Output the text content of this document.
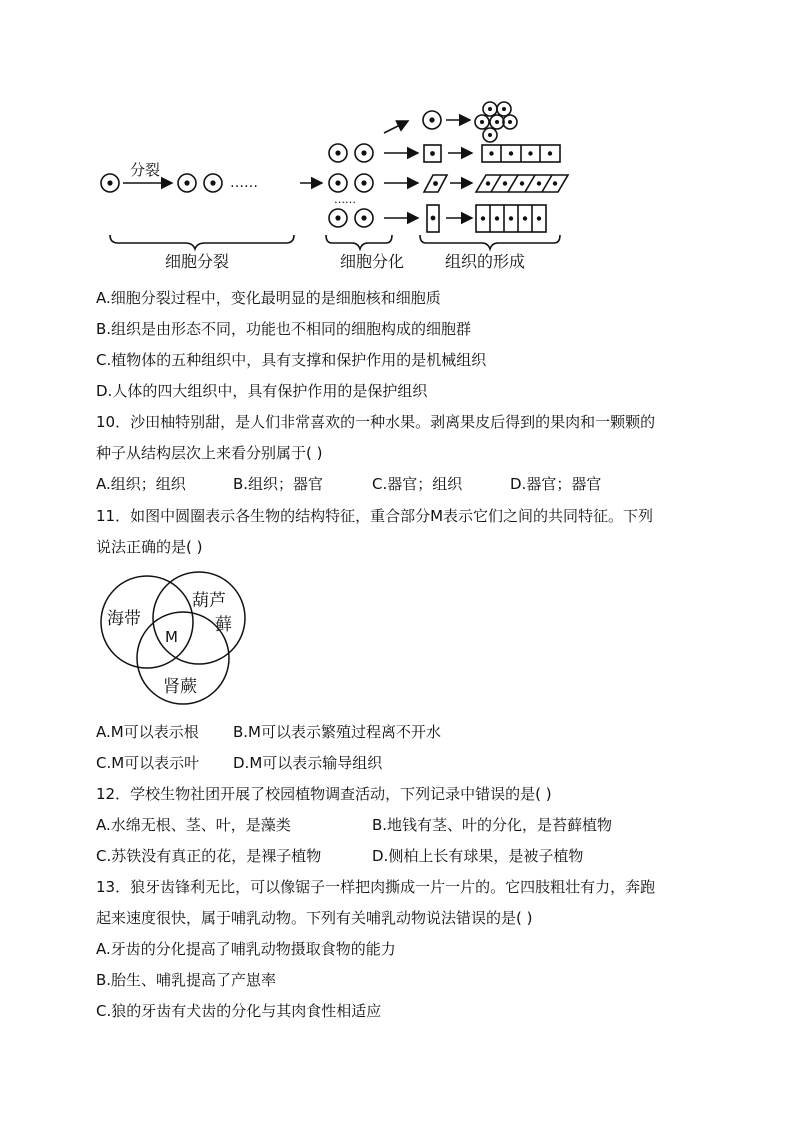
分裂
……
……
细胞分裂	细胞分化	组织的形成
A.细胞分裂过程中，变化最明显的是细胞核和细胞质
B.组织是由形态不同，功能也不相同的细胞构成的细胞群
C.植物体的五种组织中，具有支撑和保护作用的是机械组织
D.人体的四大组织中，具有保护作用的是保护组织
10．沙田柚特别甜，是人们非常喜欢的一种水果。剥离果皮后得到的果肉和一颗颗的
种子从结构层次上来看分别属于( )
A.组织；组织	B.组织；器官	C.器官；组织	D.器官；器官
11．如图中圆圈表示各生物的结构特征，重合部分M表示它们之间的共同特征。下列
说法正确的是( )
海带
葫芦
藓
肾蕨
M
A.M可以表示根 B.M可以表示繁殖过程离不开水
C.M可以表示叶 D.M可以表示输导组织
12．学校生物社团开展了校园植物调查活动，下列记录中错误的是( )
A.水绵无根、茎、叶，是藻类	B.地钱有茎、叶的分化，是苔藓植物
C.苏铁没有真正的花，是裸子植物	D.侧柏上长有球果，是被子植物
13．狼牙齿锋利无比，可以像锯子一样把肉撕成一片一片的。它四肢粗壮有力，奔跑
起来速度很快，属于哺乳动物。下列有关哺乳动物说法错误的是( )
A.牙齿的分化提高了哺乳动物摄取食物的能力
B.胎生、哺乳提高了产崽率
C.狼的牙齿有犬齿的分化与其肉食性相适应
